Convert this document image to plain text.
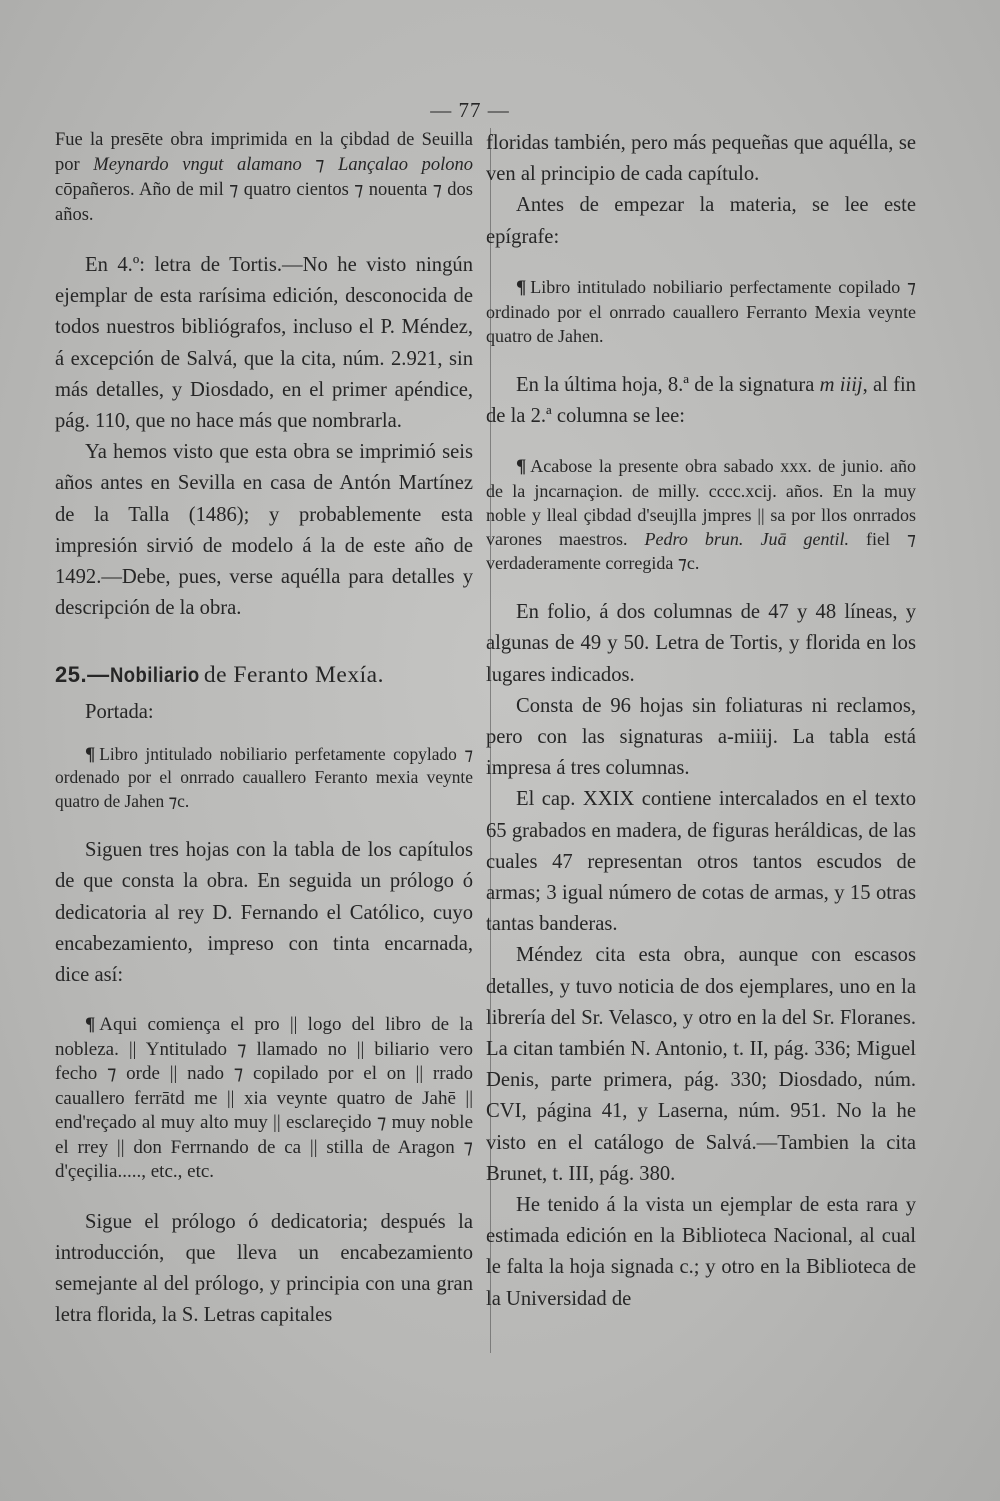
— 77 —

Fue la presēte obra imprimida en la çibdad de Seuilla por Meynardo vngut alamano ⁊ Lançalao polono cōpañeros. Año de mil ⁊ quatro cientos ⁊ nouenta ⁊ dos años.

En 4.º: letra de Tortis.—No he visto ningún ejemplar de esta rarísima edición, desconocida de todos nuestros bibliógrafos, incluso el P. Méndez, á excepción de Salvá, que la cita, núm. 2.921, sin más detalles, y Diosdado, en el primer apéndice, pág. 110, que no hace más que nombrarla.

Ya hemos visto que esta obra se imprimió seis años antes en Sevilla en casa de Antón Martínez de la Talla (1486); y probablemente esta impresión sirvió de modelo á la de este año de 1492.—Debe, pues, verse aquélla para detalles y descripción de la obra.

25.—Nobiliario de Feranto Mexía.

Portada:

¶ Libro jntitulado nobiliario perfetamente copylado ⁊ ordenado por el onrrado cauallero Feranto mexia veynte quatro de Jahen ⁊c.

Siguen tres hojas con la tabla de los capítulos de que consta la obra. En seguida un prólogo ó dedicatoria al rey D. Fernando el Católico, cuyo encabezamiento, impreso con tinta encarnada, dice así:

¶ Aqui comiença el pro || logo del libro de la nobleza. || Yntitulado ⁊ llamado no || biliario vero fecho ⁊ orde || nado ⁊ copilado por el on || rrado cauallero ferrātd me || xia veynte quatro de Jahē || end'reçado al muy alto muy || esclareçido ⁊ muy noble el rrey || don Ferrnando de ca || stilla de Aragon ⁊ d'çeçilia....., etc., etc.

Sigue el prólogo ó dedicatoria; después la introducción, que lleva un encabezamiento semejante al del prólogo, y principia con una gran letra florida, la S. Letras capitales

floridas también, pero más pequeñas que aquélla, se ven al principio de cada capítulo.

Antes de empezar la materia, se lee este epígrafe:

¶ Libro intitulado nobiliario perfectamente copilado ⁊ ordinado por el onrrado cauallero Ferranto Mexia veynte quatro de Jahen.

En la última hoja, 8.ª de la signatura m iiij, al fin de la 2.ª columna se lee:

¶ Acabose la presente obra sabado xxx. de junio. año de la jncarnaçion. de milly. cccc.xcij. años. En la muy noble y lleal çibdad d'seujlla jmpres || sa por llos onrrados varones maestros. Pedro brun. Juā gentil. fiel ⁊ verdaderamente corregida ⁊c.

En folio, á dos columnas de 47 y 48 líneas, y algunas de 49 y 50. Letra de Tortis, y florida en los lugares indicados.

Consta de 96 hojas sin foliaturas ni reclamos, pero con las signaturas a-miiij. La tabla está impresa á tres columnas.

El cap. XXIX contiene intercalados en el texto 65 grabados en madera, de figuras heráldicas, de las cuales 47 representan otros tantos escudos de armas; 3 igual número de cotas de armas, y 15 otras tantas banderas.

Méndez cita esta obra, aunque con escasos detalles, y tuvo noticia de dos ejemplares, uno en la librería del Sr. Velasco, y otro en la del Sr. Floranes. La citan también N. Antonio, t. II, pág. 336; Miguel Denis, parte primera, pág. 330; Diosdado, núm. CVI, página 41, y Laserna, núm. 951. No la he visto en el catálogo de Salvá.—Tambien la cita Brunet, t. III, pág. 380.

He tenido á la vista un ejemplar de esta rara y estimada edición en la Biblioteca Nacional, al cual le falta la hoja signada c.; y otro en la Biblioteca de la Universidad de
